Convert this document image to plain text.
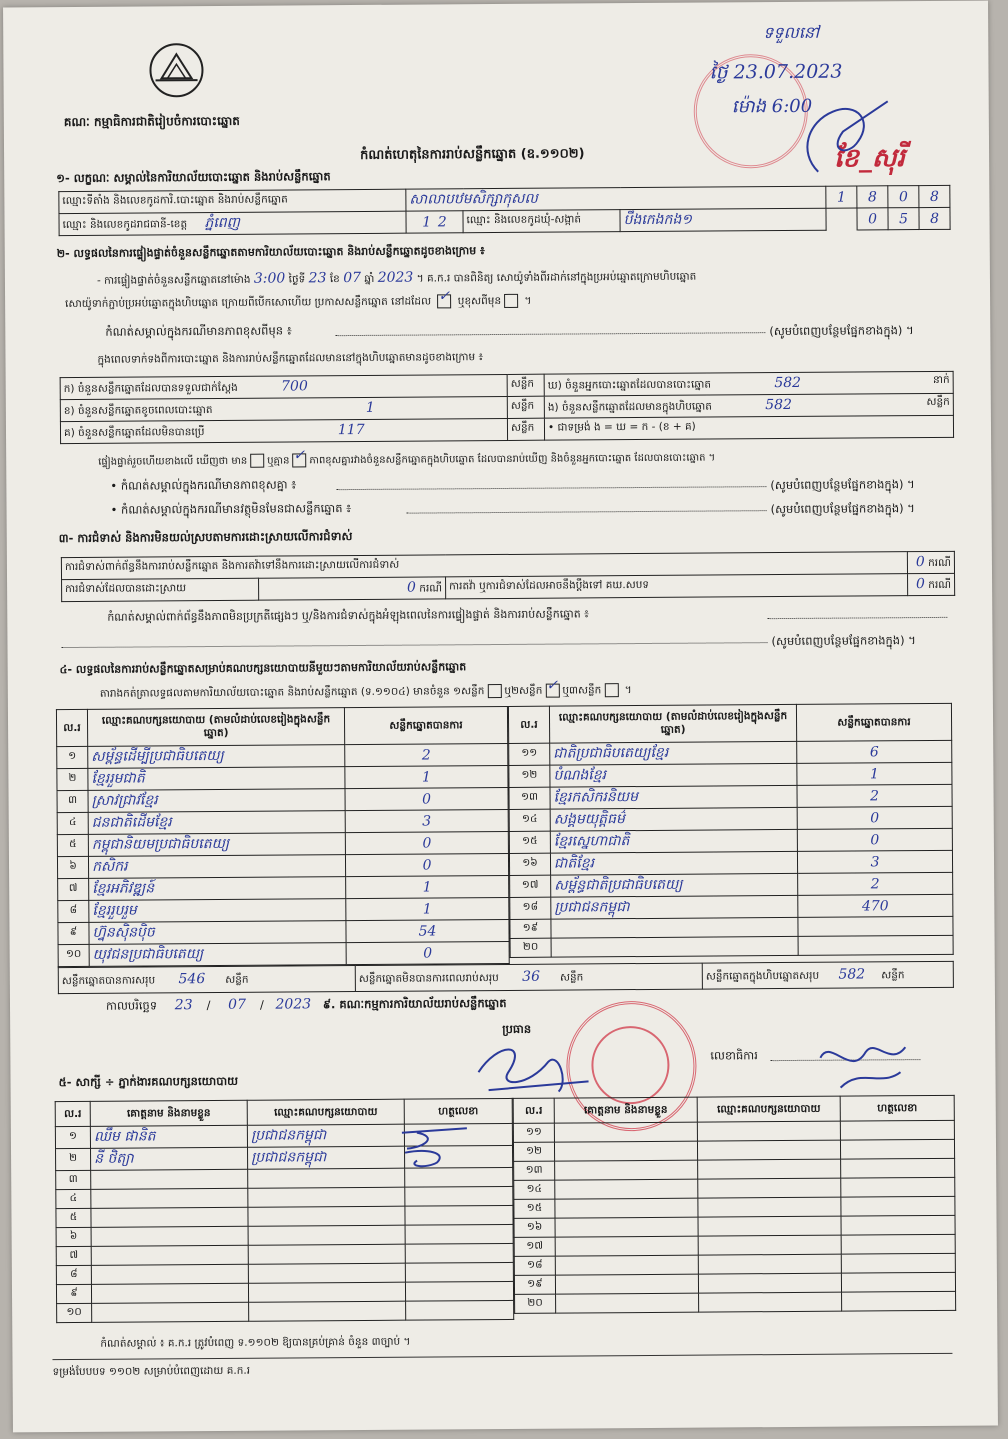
គណៈ កម្មាធិការជាតិរៀបចំការបោះឆ្នោត
ទទួលនៅ
ថ្ងៃ 23.07.2023
ម៉ោង 6:00
ខែ_សុរី
កំណត់ហេតុនៃការរាប់សន្លឹកឆ្នោត (ឧ.១១០២)
១- លក្ខណៈ សម្គាល់នៃការិយាល័យបោះឆ្នោត និងរាប់សន្លឹកឆ្នោត
ឈ្មោះទីតាំង និងលេខកូដការិ.បោះឆ្នោត និងរាប់សន្លឹកឆ្នោត	សាលាបឋមសិក្សាកុសល			1	8	0	8
ឈ្មោះ និងលេខកូដរាជធានី-ខេត្ត ភ្នំពេញ	1 2	ឈ្មោះ និងលេខកូដឃុំ-សង្កាត់	បឹងកេងកង១		0	5	8
២- លទ្ធផលនៃការផ្ទៀងផ្ទាត់ចំនួនសន្លឹកឆ្នោតតាមការិយាល័យបោះឆ្នោត និងរាប់សន្លឹកឆ្នោតដូចខាងក្រោម ៖
- ការផ្ទៀងផ្ទាត់ចំនួនសន្លឹកឆ្នោតនៅម៉ោង 3:00 ថ្ងៃទី 23 ខែ 07 ឆ្នាំ 2023 ។ គ.ក.រ បានពិនិត្យ សោយ៉ូទាំងពីរដាក់នៅក្នុងប្រអប់ឆ្នោតក្រោមហិបឆ្នោត
សោយ៉ូទាក់ភ្ជាប់ប្រអប់ឆ្នោតក្នុងហិបឆ្នោត ក្រោយពីបើកសោហើយ ប្រកាសសន្លឹកឆ្នោត នៅដដែល ✓ ឬខុសពីមុន ។
កំណត់សម្គាល់ក្នុងករណីមានភាពខុសពីមុន ៖	(សូមបំពេញបន្ថែមផ្នែកខាងក្នុង) ។
ក្នុងពេលទាក់ទងពីការបោះឆ្នោត និងការរាប់សន្លឹកឆ្នោតដែលមាននៅក្នុងហិបឆ្នោតមានដូចខាងក្រោម ៖
ក) ចំនួនសន្លឹកឆ្នោតដែលបានទទួលជាក់ស្តែង 700	សន្លឹក	ឃ) ចំនួនអ្នកបោះឆ្នោតដែលបានបោះឆ្នោត 582 នាក់

ខ) ចំនួនសន្លឹកឆ្នោតខូចពេលបោះឆ្នោត 1	សន្លឹក	ង) ចំនួនសន្លឹកឆ្នោតដែលមានក្នុងហិបឆ្នោត 582 សន្លឹក

គ) ចំនួនសន្លឹកឆ្នោតដែលមិនបានប្រើ 117	សន្លឹក	• ជាទម្រង់ ង = ឃ = ក - (ខ + គ)
ផ្ទៀងផ្ទាត់រួចហើយខាងលើ ឃើញថា មាន ឬគ្មាន ✓ ភាពខុសគ្នារវាងចំនួនសន្លឹកឆ្នោតក្នុងហិបឆ្នោត ដែលបានរាប់ឃើញ និងចំនួនអ្នកបោះឆ្នោត ដែលបានបោះឆ្នោត ។
• កំណត់សម្គាល់ក្នុងករណីមានភាពខុសគ្នា ៖	(សូមបំពេញបន្ថែមផ្នែកខាងក្នុង) ។
• កំណត់សម្គាល់ក្នុងករណីមានវត្ថុមិនមែនជាសន្លឹកឆ្នោត ៖	(សូមបំពេញបន្ថែមផ្នែកខាងក្នុង) ។
៣- ការជំទាស់ និងការមិនយល់ស្របតាមការដោះស្រាយលើការជំទាស់
ការជំទាស់ពាក់ព័ន្ធនឹងការរាប់សន្លឹកឆ្នោត និងការតវ៉ាទៅនឹងការដោះស្រាយលើការជំទាស់			0 ករណី
ការជំទាស់ដែលបានដោះស្រាយ	0 ករណី	ការតវ៉ា ឬការជំទាស់ដែលអាចនឹងប្តឹងទៅ គឃ.សបទ	0 ករណី
កំណត់សម្គាល់ពាក់ព័ន្ធនឹងភាពមិនប្រក្រតីផ្សេងៗ ឬ/និងការជំទាស់ក្នុងអំឡុងពេលនៃការផ្ទៀងផ្ទាត់ និងការរាប់សន្លឹកឆ្នោត ៖
(សូមបំពេញបន្ថែមផ្នែកខាងក្នុង) ។
៤- លទ្ធផលនៃការរាប់សន្លឹកឆ្នោតសម្រាប់គណបក្សនយោបាយនីមួយៗតាមការិយាល័យរាប់សន្លឹកឆ្នោត
តារាងកត់ត្រាលទ្ធផលតាមការិយាល័យបោះឆ្នោត និងរាប់សន្លឹកឆ្នោត (ទ.១១០៤) មានចំនួន ១សន្លឹក ឬ២សន្លឹក ✓ ឬ៣សន្លឹក ។
ល.រ	ឈ្មោះគណបក្សនយោបាយ (តាមលំដាប់លេខរៀងក្នុងសន្លឹកឆ្នោត)	សន្លឹកឆ្នោតបានការ
១	សម្ព័ន្ធដើម្បីប្រជាធិបតេយ្យ	2
២	ខ្មែររួមជាតិ	1
៣	ស្រាវជ្រាវខ្មែរ	0
៤	ជនជាតិដើមខ្មែរ	3
៥	កម្ពុជានិយមប្រជាធិបតេយ្យ	0
៦	កសិករ	0
៧	ខ្មែរអភិវឌ្ឍន៍	1
៨	ខ្មែររួបរួម	1
៩	ហ្វ៊ុនស៊ិនប៉ិច	54
១០	យុវជនប្រជាធិបតេយ្យ	0
ល.រ	ឈ្មោះគណបក្សនយោបាយ (តាមលំដាប់លេខរៀងក្នុងសន្លឹកឆ្នោត)	សន្លឹកឆ្នោតបានការ
១១	ជាតិប្រជាធិបតេយ្យខ្មែរ	6
១២	បំណងខ្មែរ	1
១៣	ខ្មែរកសិករនិយម	2
១៤	សង្គមយុត្តិធម៌	0
១៥	ខ្មែរស្នេហាជាតិ	0
១៦	ជាតិខ្មែរ	3
១៧	សម្ព័ន្ធជាតិប្រជាធិបតេយ្យ	2
១៨	ប្រជាជនកម្ពុជា	470
១៩		
២០		
សន្លឹកឆ្នោតបានការសរុប 546 សន្លឹក	សន្លឹកឆ្នោតមិនបានការពេលរាប់សរុប 36 សន្លឹក	សន្លឹកឆ្នោតក្នុងហិបឆ្នោតសរុប 582 សន្លឹក
កាលបរិច្ឆេទ 23 / 07 / 2023 ៩. គណៈកម្មការការិយាល័យរាប់សន្លឹកឆ្នោត
ប្រធាន
លេខាធិការ
៥- សាក្សី ÷ ភ្នាក់ងារគណបក្សនយោបាយ
ល.រ	គោត្តនាម និងនាមខ្លួន	ឈ្មោះគណបក្សនយោបាយ	ហត្ថលេខា
១	ឈឹម ផានិត	ប្រជាជនកម្ពុជា	
២	នី ថិត្យា	ប្រជាជនកម្ពុជា	
៣			
៤			
៥			
៦			
៧			
៨			
៩			
១០			
ល.រ	គោត្តនាម និងនាមខ្លួន	ឈ្មោះគណបក្សនយោបាយ	ហត្ថលេខា
១១			
១២			
១៣			
១៤			
១៥			
១៦			
១៧			
១៨			
១៩			
២០			
កំណត់សម្គាល់ ៖ គ.ក.រ ត្រូវបំពេញ ទ.១១០២ ឱ្យបានគ្រប់គ្រាន់ ចំនួន ៣ច្បាប់ ។
ទម្រង់បែបបទ ១១០២ សម្រាប់បំពេញដោយ គ.ក.រ
